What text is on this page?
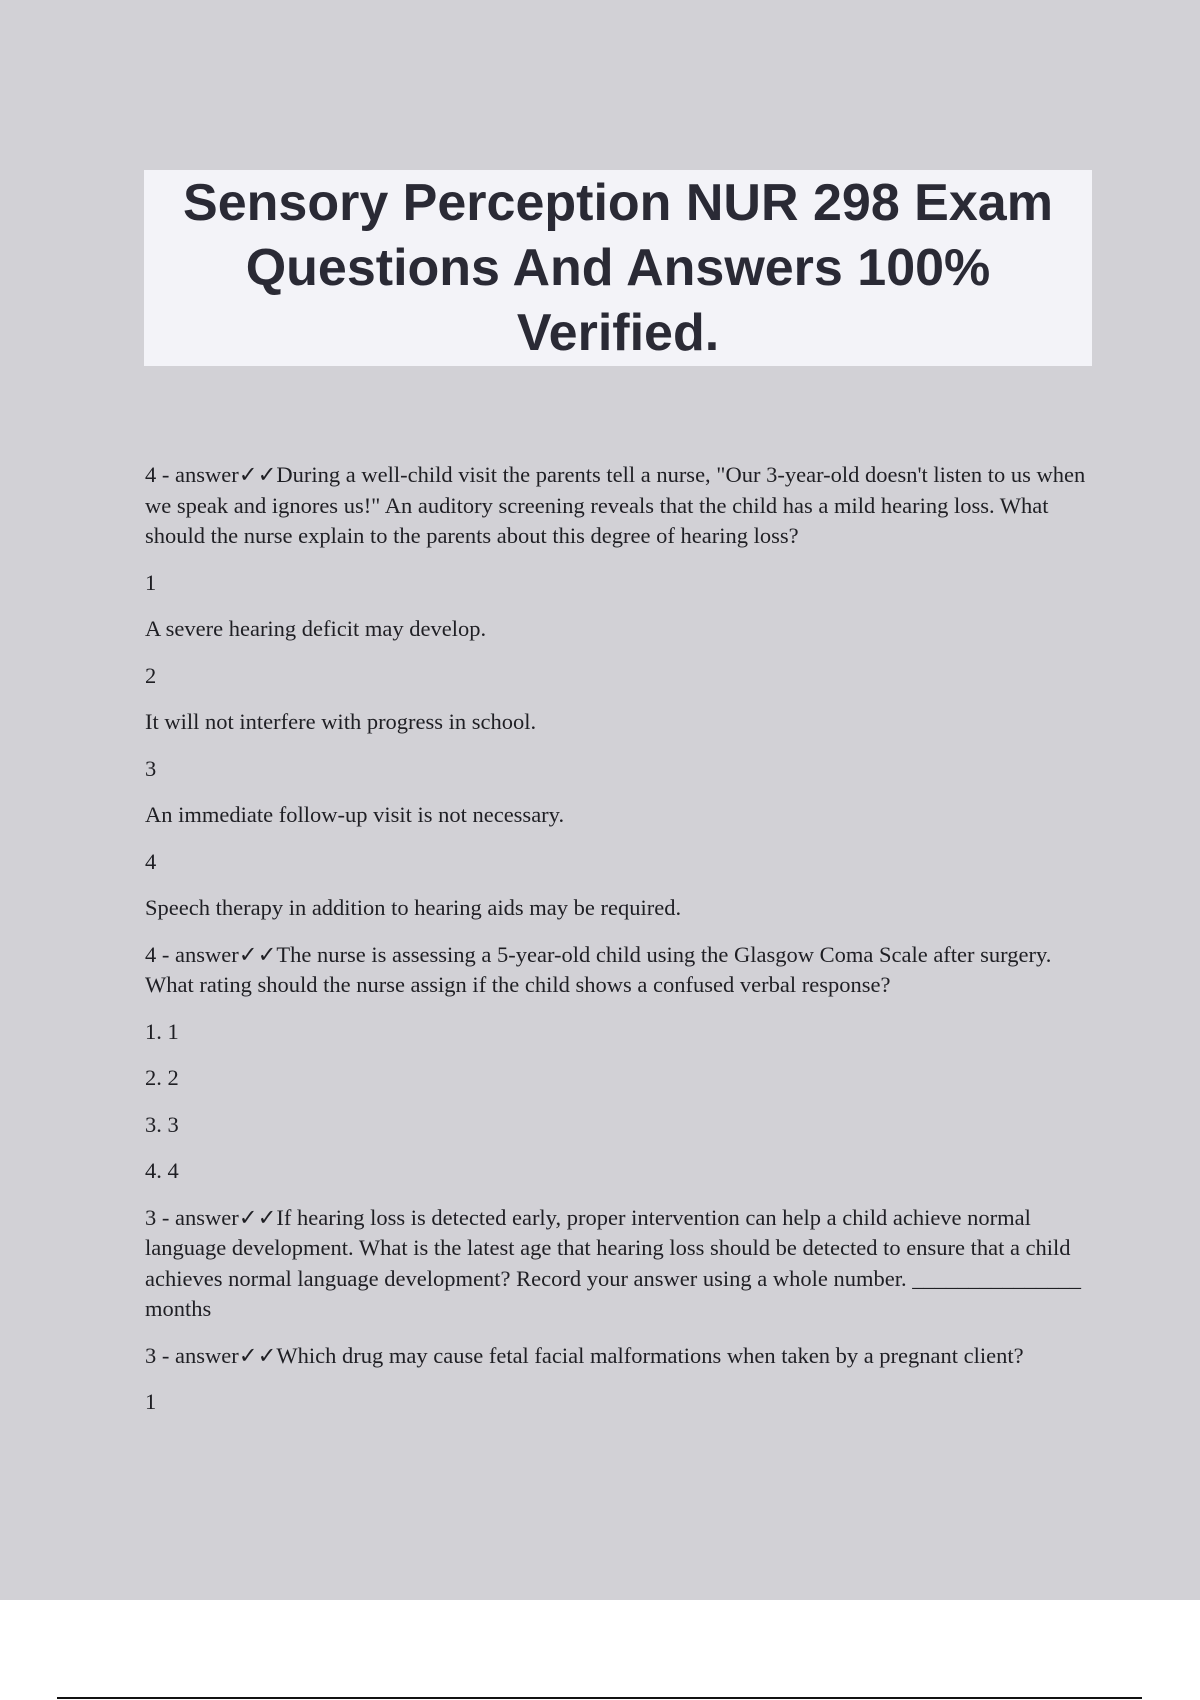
Sensory Perception NUR 298 Exam Questions And Answers 100% Verified.

4 - answer✓✓During a well-child visit the parents tell a nurse, "Our 3-year-old doesn't listen to us when we speak and ignores us!" An auditory screening reveals that the child has a mild hearing loss. What should the nurse explain to the parents about this degree of hearing loss?

1

A severe hearing deficit may develop.

2

It will not interfere with progress in school.

3

An immediate follow-up visit is not necessary.

4

Speech therapy in addition to hearing aids may be required.

4 - answer✓✓The nurse is assessing a 5-year-old child using the Glasgow Coma Scale after surgery. What rating should the nurse assign if the child shows a confused verbal response?

1. 1

2. 2

3. 3

4. 4

3 - answer✓✓If hearing loss is detected early, proper intervention can help a child achieve normal language development. What is the latest age that hearing loss should be detected to ensure that a child achieves normal language development? Record your answer using a whole number. _______________ months

3 - answer✓✓Which drug may cause fetal facial malformations when taken by a pregnant client?

1
